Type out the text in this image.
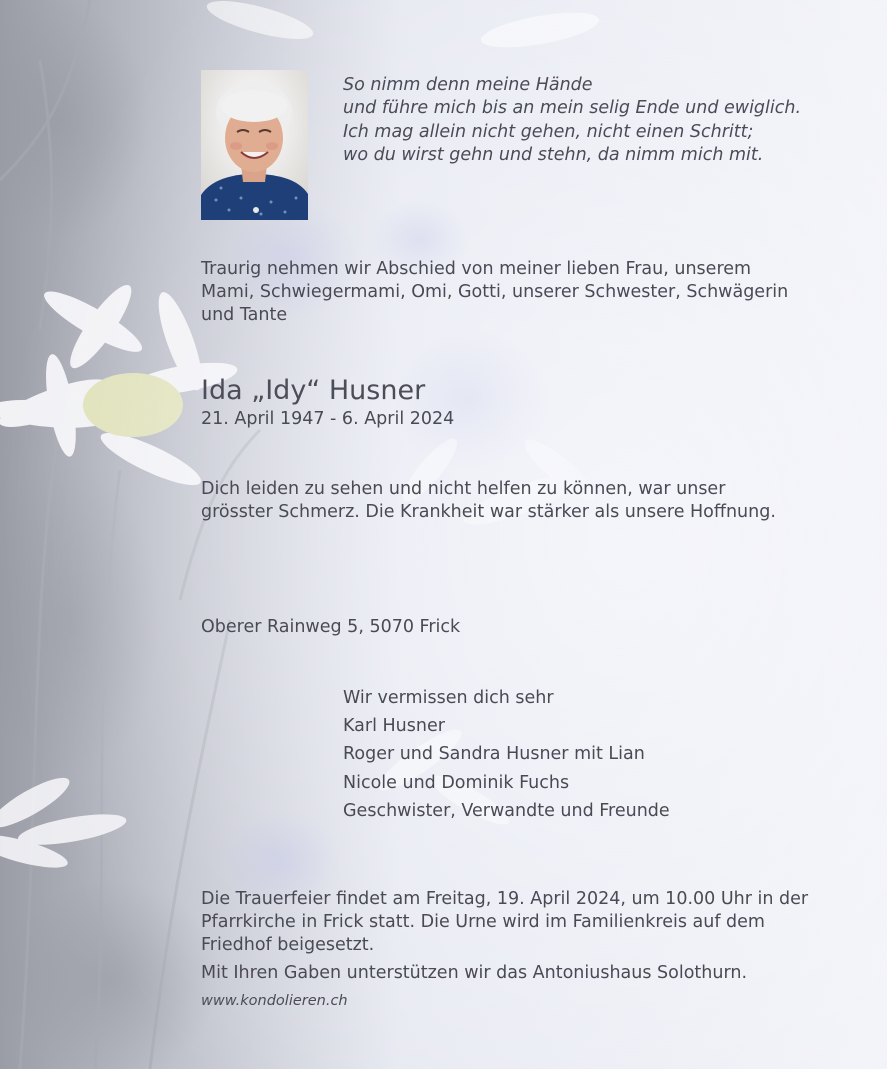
So nimm denn meine Hände
und führe mich bis an mein selig Ende und ewiglich.
Ich mag allein nicht gehen, nicht einen Schritt;
wo du wirst gehn und stehn, da nimm mich mit.
Traurig nehmen wir Abschied von meiner lieben Frau, unserem
Mami, Schwiegermami, Omi, Gotti, unserer Schwester, Schwägerin
und Tante
Ida „Idy“ Husner
21. April 1947 - 6. April 2024
Dich leiden zu sehen und nicht helfen zu können, war unser
grösster Schmerz. Die Krankheit war stärker als unsere Hoffnung.
Oberer Rainweg 5, 5070 Frick
Wir vermissen dich sehr
Karl Husner
Roger und Sandra Husner mit Lian
Nicole und Dominik Fuchs
Geschwister, Verwandte und Freunde
Die Trauerfeier findet am Freitag, 19. April 2024, um 10.00 Uhr in der
Pfarrkirche in Frick statt. Die Urne wird im Familienkreis auf dem
Friedhof beigesetzt.
Mit Ihren Gaben unterstützen wir das Antoniushaus Solothurn.
www.kondolieren.ch
